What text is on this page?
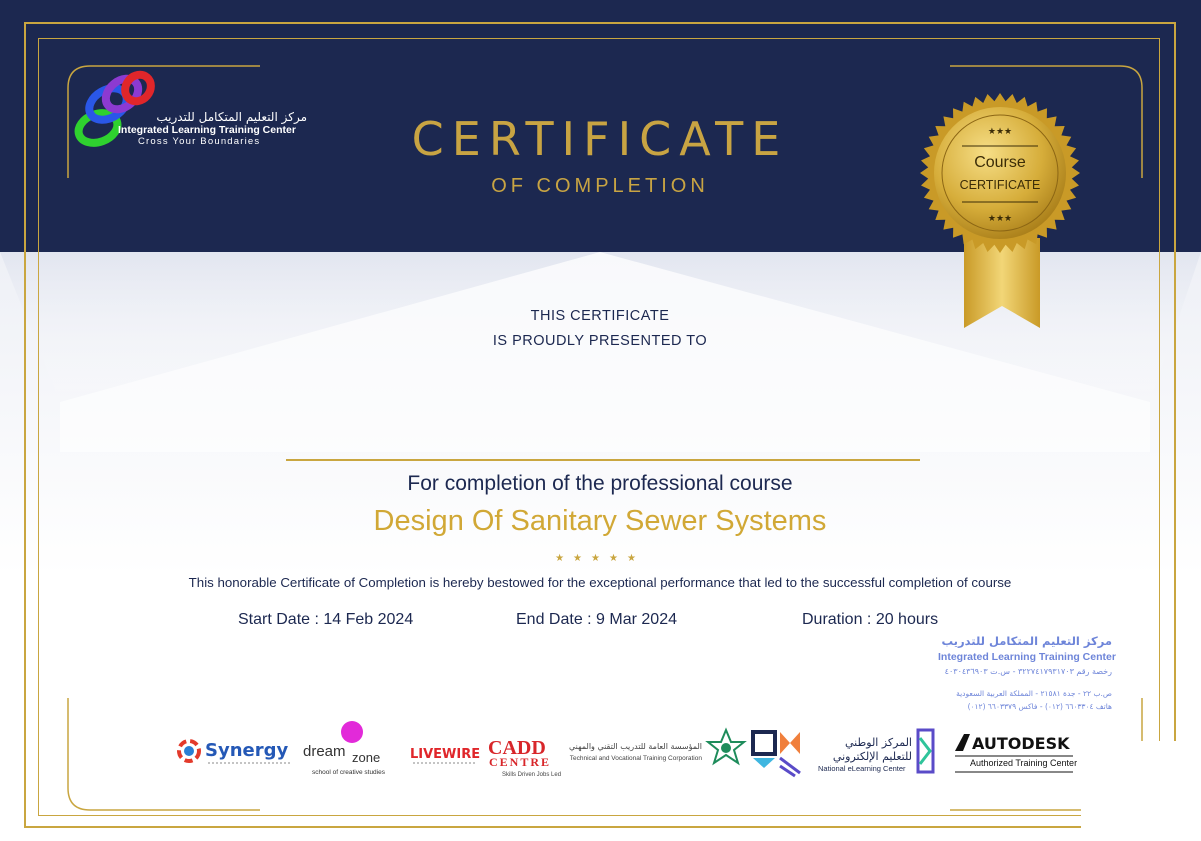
مركز التعليم المتكامل للتدريب
Integrated Learning Training Center
Cross Your Boundaries	CERTIFICATE
OF COMPLETION
★★★
★★★
Course
CERTIFICATE
THIS CERTIFICATE
IS PROUDLY PRESENTED TO
For completion of the professional course
Design Of Sanitary Sewer Systems
★★★★★
This honorable Certificate of Completion is hereby bestowed for the exceptional performance that led to the successful completion of course
Start Date : 14 Feb 2024	End Date : 9 Mar 2024	Duration : 20 hours
مركز التعليم المتكامل للتدريب
Integrated Learning Training Center
رخصة رقم ٣٢٢٧٤١٧٩٣١٧٠٣ - س.ت ٤٠٣٠٤٣٦٩٠٣
ص.ب ٢٢ - جدة ٢١٥٨١ - المملكة العربية السعودية
هاتف ٦٦٠٣٣٠٤ (٠١٢) - فاكس ٦٦٠٣٣٧٩ (٠١٢)
Synergy dream zone
school of creative studies
LIVEWIRE CADD
CENTRE
Skills Driven Jobs Led
المؤسسة العامة للتدريب التقني والمهني
Technical and Vocational Training Corporation
المركز الوطني
للتعليم الإلكتروني
National eLearning Center
AUTODESK
Authorized Training Center
